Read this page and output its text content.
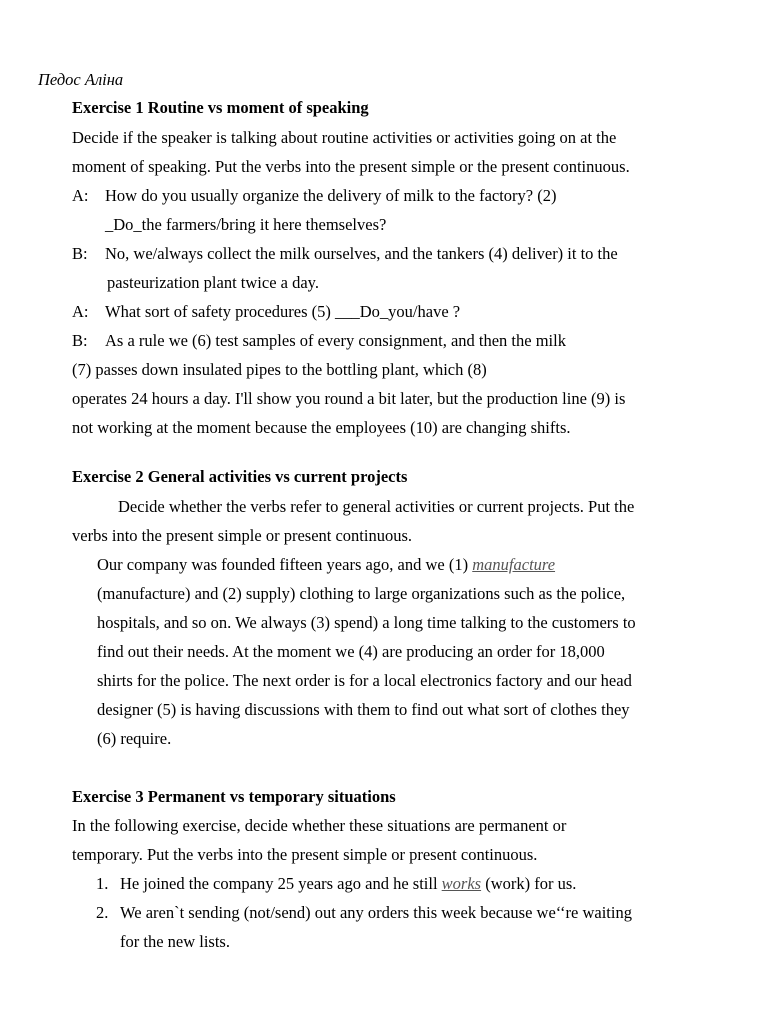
Педос Аліна
Exercise 1 Routine vs moment of speaking
Decide if the speaker is talking about routine activities or activities going on at the
moment of speaking. Put the verbs into the present simple or the present continuous.
A: How do you usually organize the delivery of milk to the factory? (2)
_Do_the farmers/bring it here themselves?
B: No, we/always collect the milk ourselves, and the tankers (4) deliver) it to the
pasteurization plant twice a day.
A: What sort of safety procedures (5) ___Do_you/have ?
B: As a rule we (6) test samples of every consignment, and then the milk
(7) passes down insulated pipes to the bottling plant, which (8)
operates 24 hours a day. I'll show you round a bit later, but the production line (9) is
not working at the moment because the employees (10) are changing shifts.
Exercise 2 General activities vs current projects
Decide whether the verbs refer to general activities or current projects. Put the
verbs into the present simple or present continuous.
Our company was founded fifteen years ago, and we (1) manufacture
(manufacture) and (2) supply) clothing to large organizations such as the police,
hospitals, and so on. We always (3) spend) a long time talking to the customers to
find out their needs. At the moment we (4) are producing an order for 18,000
shirts for the police. The next order is for a local electronics factory and our head
designer (5) is having discussions with them to find out what sort of clothes they
(6) require.
Exercise 3 Permanent vs temporary situations
In the following exercise, decide whether these situations are permanent or
temporary. Put the verbs into the present simple or present continuous.
1. He joined the company 25 years ago and he still works (work) for us.
2. We aren`t sending (not/send) out any orders this week because we‘‘re waiting
for the new lists.
